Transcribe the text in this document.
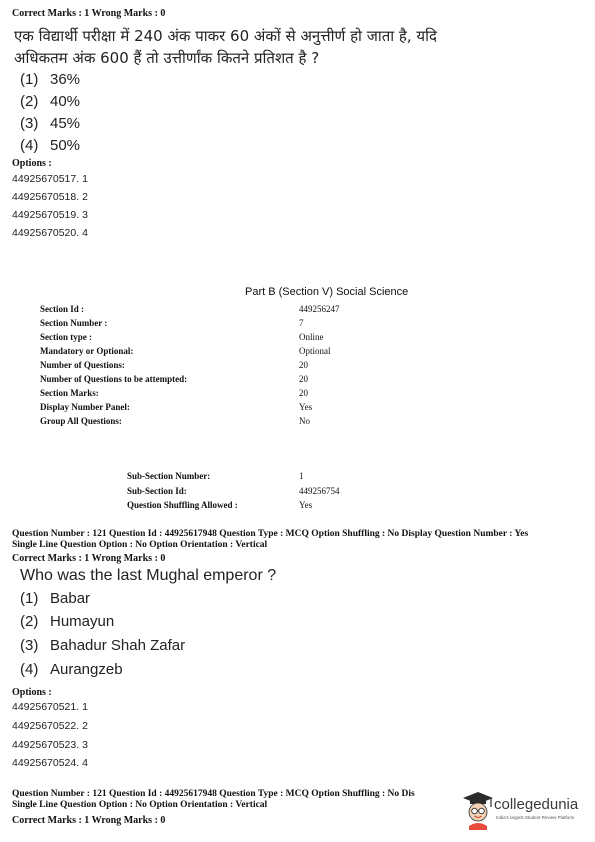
Correct Marks : 1 Wrong Marks : 0
एक विद्यार्थी परीक्षा में 240 अंक पाकर 60 अंकों से अनुत्तीर्ण हो जाता है, यदि
अधिकतम अंक 600 हैं तो उत्तीर्णांक कितने प्रतिशत है ?
(1) 36%
(2) 40%
(3) 45%
(4) 50%
Options :
44925670517. 1
44925670518. 2
44925670519. 3
44925670520. 4
Part B (Section V) Social Science
Section Id :	449256247
Section Number :	7
Section type :	Online
Mandatory or Optional:	Optional
Number of Questions:	20
Number of Questions to be attempted:	20
Section Marks:	20
Display Number Panel:	Yes
Group All Questions:	No
Sub-Section Number:	1
Sub-Section Id:	449256754
Question Shuffling Allowed :	Yes
Question Number : 121 Question Id : 44925617948 Question Type : MCQ Option Shuffling : No Display Question Number : Yes
Single Line Question Option : No Option Orientation : Vertical
Correct Marks : 1 Wrong Marks : 0
Who was the last Mughal emperor ?
(1) Babar
(2) Humayun
(3) Bahadur Shah Zafar
(4) Aurangzeb
Options :
44925670521. 1
44925670522. 2
44925670523. 3
44925670524. 4
Question Number : 121 Question Id : 44925617948 Question Type : MCQ Option Shuffling : No Dis
Single Line Question Option : No Option Orientation : Vertical
Correct Marks : 1 Wrong Marks : 0
collegedunia
India's largest Student Review Platform
